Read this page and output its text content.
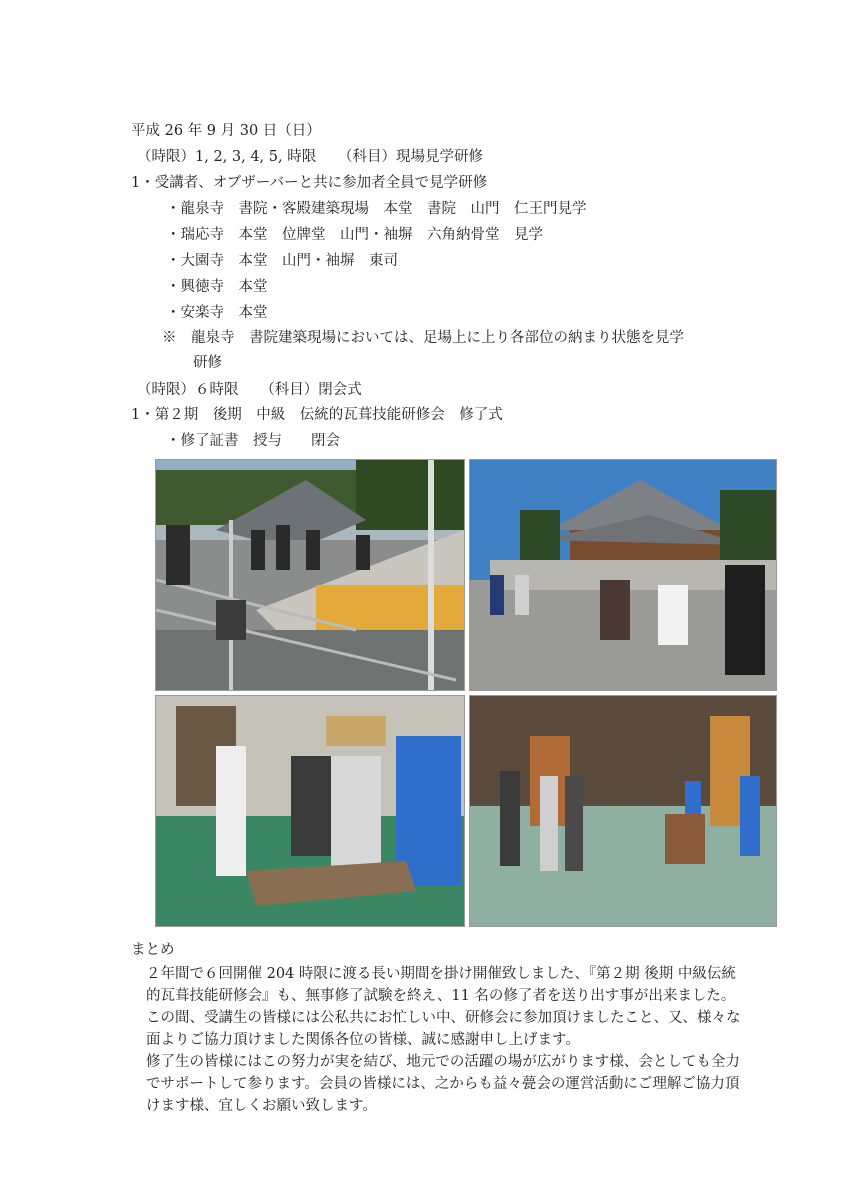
平成 26 年 9 月 30 日（日）
（時限）1, 2, 3, 4, 5, 時限　　（科目）現場見学研修
1・受講者、オブザーバーと共に参加者全員で見学研修
・龍泉寺　書院・客殿建築現場　本堂　書院　山門　仁王門見学
・瑞応寺　本堂　位牌堂　山門・袖塀　六角納骨堂　見学
・大園寺　本堂　山門・袖塀　東司
・興徳寺　本堂
・安楽寺　本堂
※　龍泉寺　書院建築現場においては、足場上に上り各部位の納まり状態を見学
研修
（時限）６時限　　（科目）閉会式
1・第２期　後期　中級　伝統的瓦葺技能研修会　修了式
・修了証書　授与　　閉会
まとめ

２年間で６回開催 204 時限に渡る長い期間を掛け開催致しました、『第２期 後期 中級伝統的瓦葺技能研修会』も、無事修了試験を終え、11 名の修了者を送り出す事が出来ました。この間、受講生の皆様には公私共にお忙しい中、研修会に参加頂けましたこと、又、様々な面よりご協力頂けました関係各位の皆様、誠に感謝申し上げます。

修了生の皆様にはこの努力が実を結び、地元での活躍の場が広がります様、会としても全力でサポートして参ります。会員の皆様には、之からも益々甍会の運営活動にご理解ご協力頂けます様、宜しくお願い致します。
